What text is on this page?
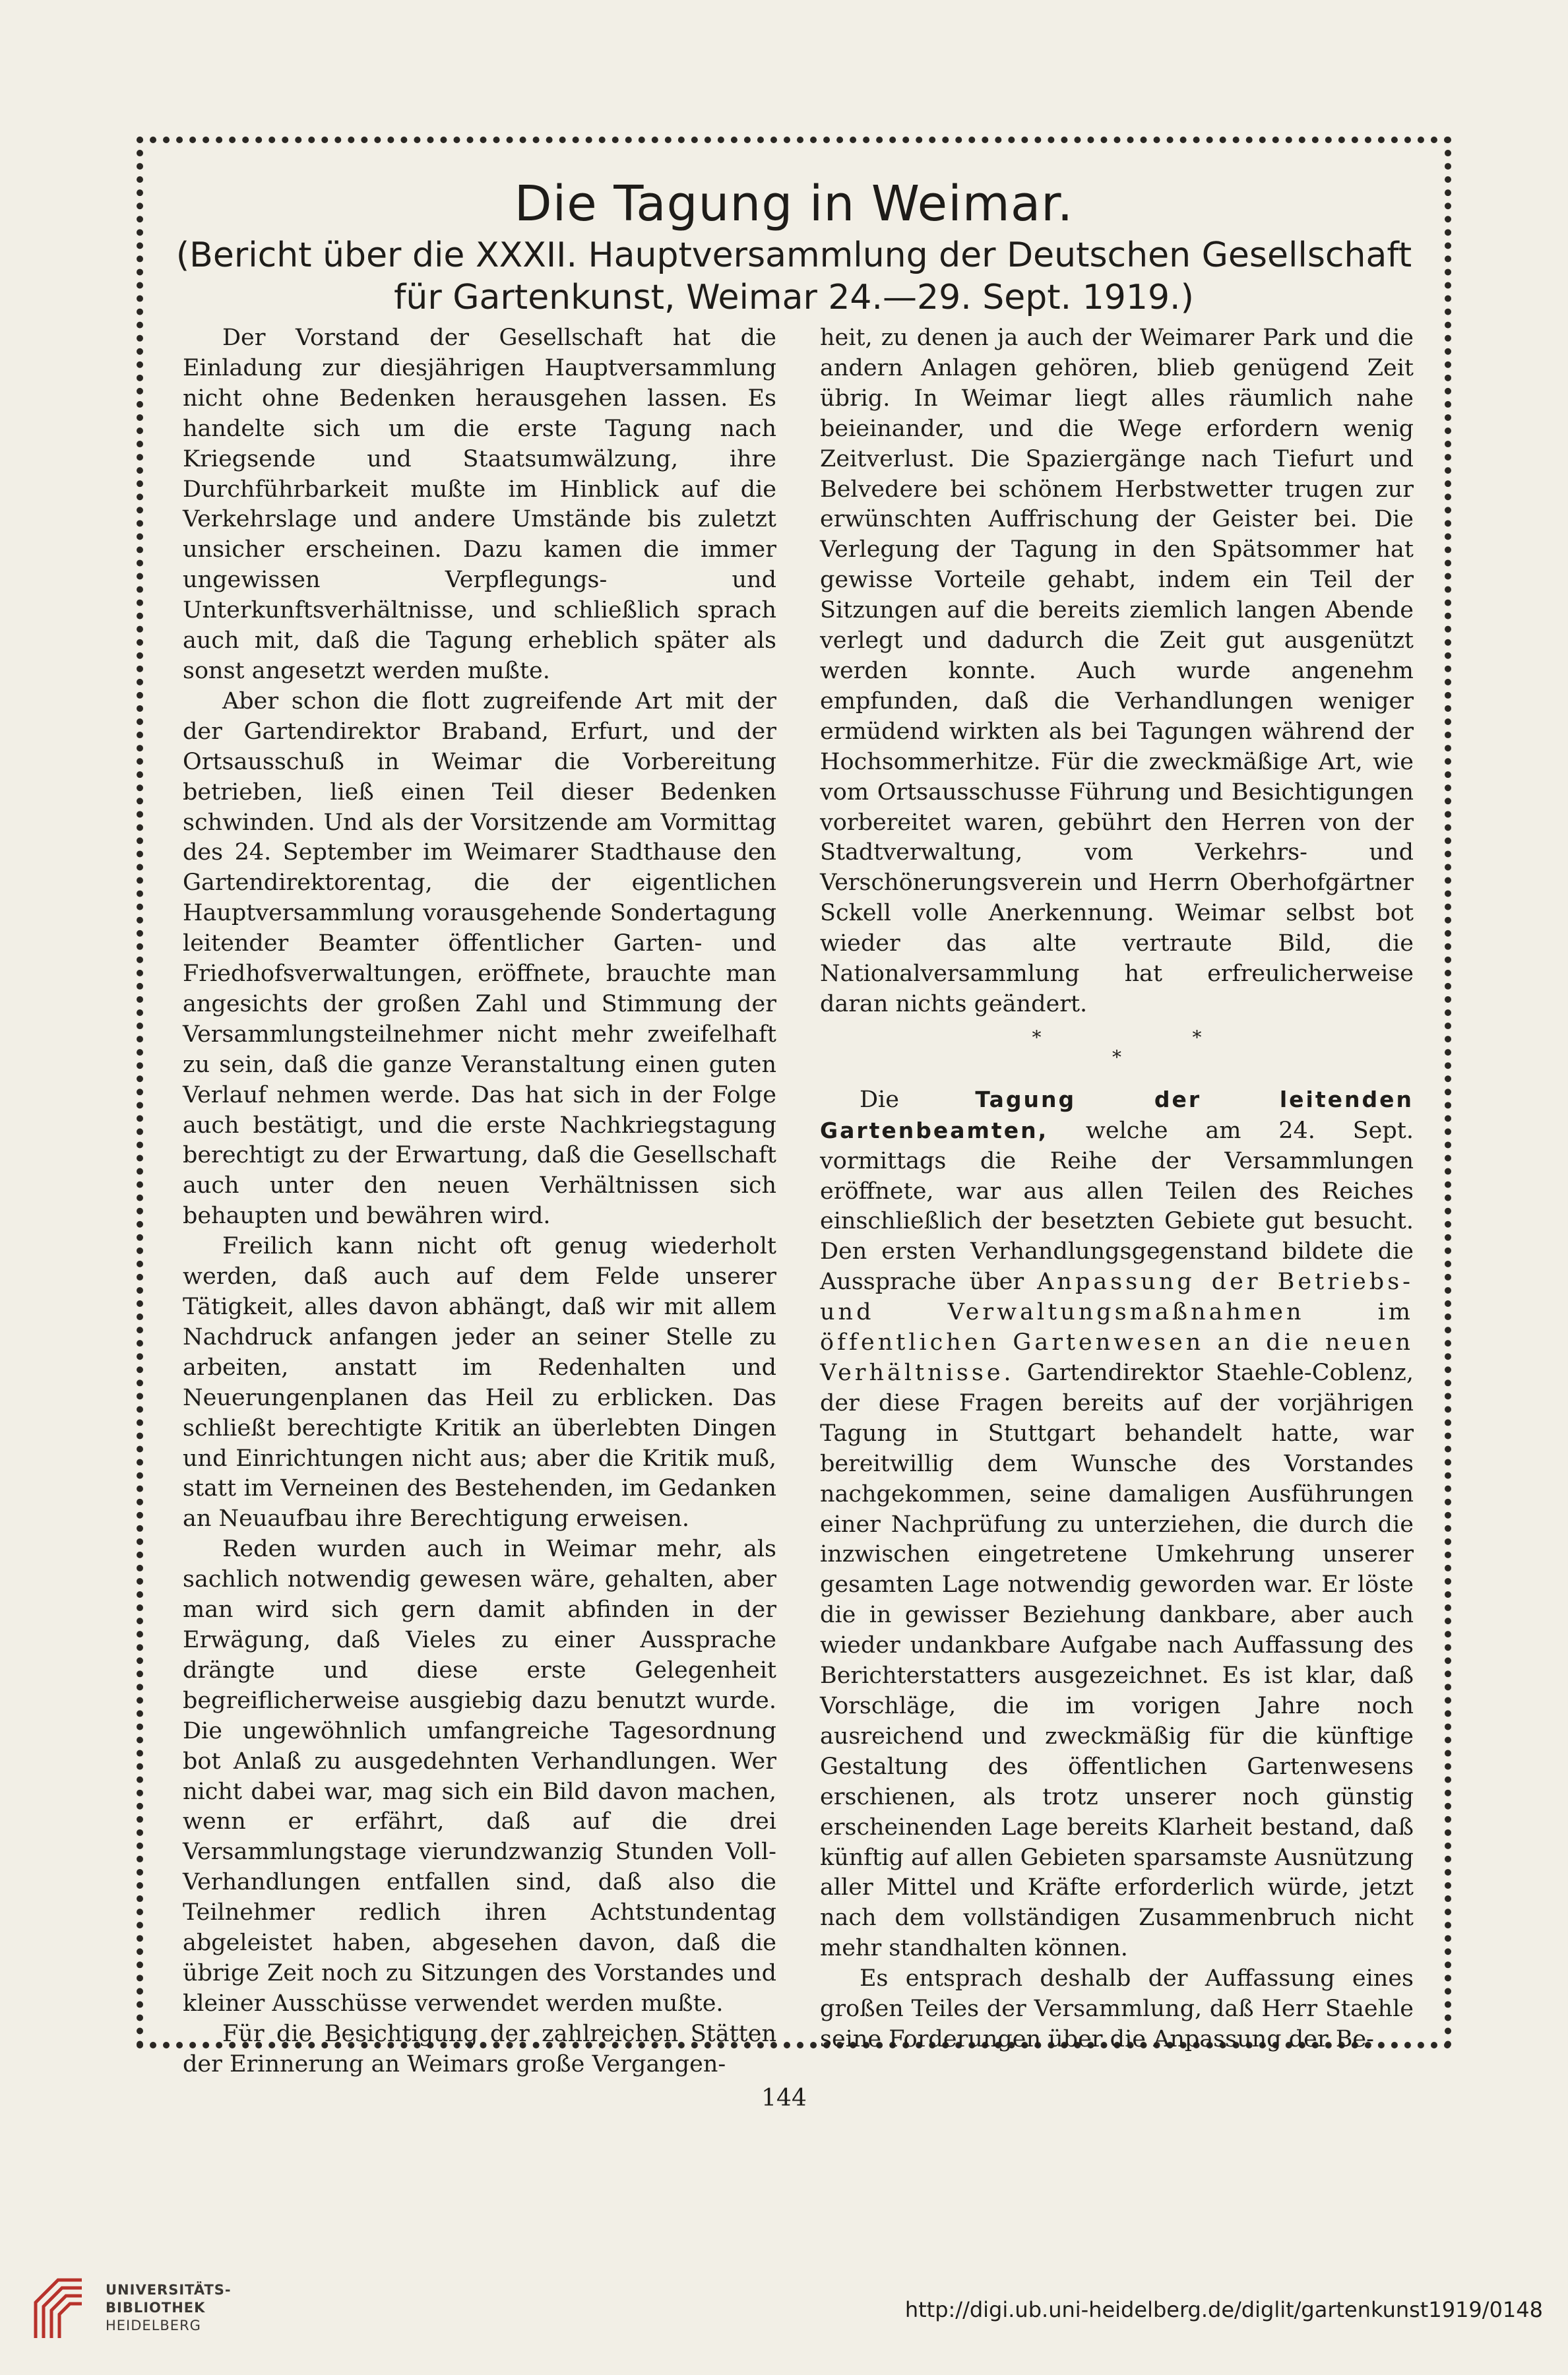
Die Tagung in Weimar.
(Bericht über die XXXII. Hauptversammlung der Deutschen Gesellschaft
für Gartenkunst, Weimar 24.—29. Sept. 1919.)

Der Vorstand der Gesellschaft hat die Einladung zur diesjährigen Hauptversammlung nicht ohne Bedenken herausgehen lassen. Es handelte sich um die erste Tagung nach Kriegsende und Staatsumwälzung, ihre Durchführbarkeit mußte im Hinblick auf die Verkehrslage und andere Umstände bis zuletzt unsicher erscheinen. Dazu kamen die immer ungewissen Verpflegungs- und Unterkunftsverhältnisse, und schließlich sprach auch mit, daß die Tagung erheblich später als sonst angesetzt werden mußte.

Aber schon die flott zugreifende Art mit der der Gartendirektor Braband, Erfurt, und der Ortsausschuß in Weimar die Vorbereitung betrieben, ließ einen Teil dieser Bedenken schwinden. Und als der Vorsitzende am Vormittag des 24. September im Weimarer Stadthause den Gartendirektorentag, die der eigentlichen Hauptversammlung vorausgehende Sondertagung leitender Beamter öffentlicher Garten- und Friedhofsverwaltungen, eröffnete, brauchte man angesichts der großen Zahl und Stimmung der Versammlungsteilnehmer nicht mehr zweifelhaft zu sein, daß die ganze Veranstaltung einen guten Verlauf nehmen werde. Das hat sich in der Folge auch bestätigt, und die erste Nachkriegstagung berechtigt zu der Erwartung, daß die Gesellschaft auch unter den neuen Verhältnissen sich behaupten und bewähren wird.

Freilich kann nicht oft genug wiederholt werden, daß auch auf dem Felde unserer Tätigkeit, alles davon abhängt, daß wir mit allem Nachdruck anfangen jeder an seiner Stelle zu arbeiten, anstatt im Redenhalten und Neuerungenplanen das Heil zu erblicken. Das schließt berechtigte Kritik an überlebten Dingen und Einrichtungen nicht aus; aber die Kritik muß, statt im Verneinen des Bestehenden, im Gedanken an Neuaufbau ihre Berechtigung erweisen.

Reden wurden auch in Weimar mehr, als sachlich notwendig gewesen wäre, gehalten, aber man wird sich gern damit abfinden in der Erwägung, daß Vieles zu einer Aussprache drängte und diese erste Gelegenheit begreiflicherweise ausgiebig dazu benutzt wurde. Die ungewöhnlich umfangreiche Tagesordnung bot Anlaß zu ausgedehnten Verhandlungen. Wer nicht dabei war, mag sich ein Bild davon machen, wenn er erfährt, daß auf die drei Versammlungstage vierundzwanzig Stunden Voll-Verhandlungen entfallen sind, daß also die Teilnehmer redlich ihren Achtstundentag abgeleistet haben, abgesehen davon, daß die übrige Zeit noch zu Sitzungen des Vorstandes und kleiner Ausschüsse verwendet werden mußte.

Für die Besichtigung der zahlreichen Stätten der Erinnerung an Weimars große Vergangen-

heit, zu denen ja auch der Weimarer Park und die andern Anlagen gehören, blieb genügend Zeit übrig. In Weimar liegt alles räumlich nahe beieinander, und die Wege erfordern wenig Zeitverlust. Die Spaziergänge nach Tiefurt und Belvedere bei schönem Herbstwetter trugen zur erwünschten Auffrischung der Geister bei. Die Verlegung der Tagung in den Spätsommer hat gewisse Vorteile gehabt, indem ein Teil der Sitzungen auf die bereits ziemlich langen Abende verlegt und dadurch die Zeit gut ausgenützt werden konnte. Auch wurde angenehm empfunden, daß die Verhandlungen weniger ermüdend wirkten als bei Tagungen während der Hochsommerhitze. Für die zweckmäßige Art, wie vom Ortsausschusse Führung und Besichtigungen vorbereitet waren, gebührt den Herren von der Stadtverwaltung, vom Verkehrs- und Verschönerungsverein und Herrn Oberhofgärtner Sckell volle Anerkennung. Weimar selbst bot wieder das alte vertraute Bild, die Nationalversammlung hat erfreulicherweise daran nichts geändert.

* *
*

Die	Tagung der leitenden Gartenbeamten, welche am 24. Sept. vormittags die Reihe der Versammlungen eröffnete, war aus allen Teilen des Reiches einschließlich der besetzten Gebiete gut besucht. Den ersten Verhandlungsgegenstand bildete die Aussprache über Anpassung der Betriebs- und Verwaltungsmaßnahmen im öffentlichen Gartenwesen an die neuen Verhältnisse. Gartendirektor Staehle-Coblenz, der diese Fragen bereits auf der vorjährigen Tagung in Stuttgart behandelt hatte, war bereitwillig dem Wunsche des Vorstandes nachgekommen, seine damaligen Ausführungen einer Nachprüfung zu unterziehen, die durch die inzwischen eingetretene Umkehrung unserer gesamten Lage notwendig geworden war. Er löste die in gewisser Beziehung dankbare, aber auch wieder undankbare Aufgabe nach Auffassung des Berichterstatters ausgezeichnet. Es ist klar, daß Vorschläge, die im vorigen Jahre noch ausreichend und zweckmäßig für die künftige Gestaltung des öffentlichen Gartenwesens erschienen, als trotz unserer noch günstig erscheinenden Lage bereits Klarheit bestand, daß künftig auf allen Gebieten sparsamste Ausnützung aller Mittel und Kräfte erforderlich würde, jetzt nach dem vollständigen Zusammenbruch nicht mehr standhalten können.

Es entsprach deshalb der Auffassung eines großen Teiles der Versammlung, daß Herr Staehle seine Forderungen über die Anpassung der Be-

144
UNIVERSITÄTS-
BIBLIOTHEK
HEIDELBERG
http://digi.ub.uni-heidelberg.de/diglit/gartenkunst1919/0148
